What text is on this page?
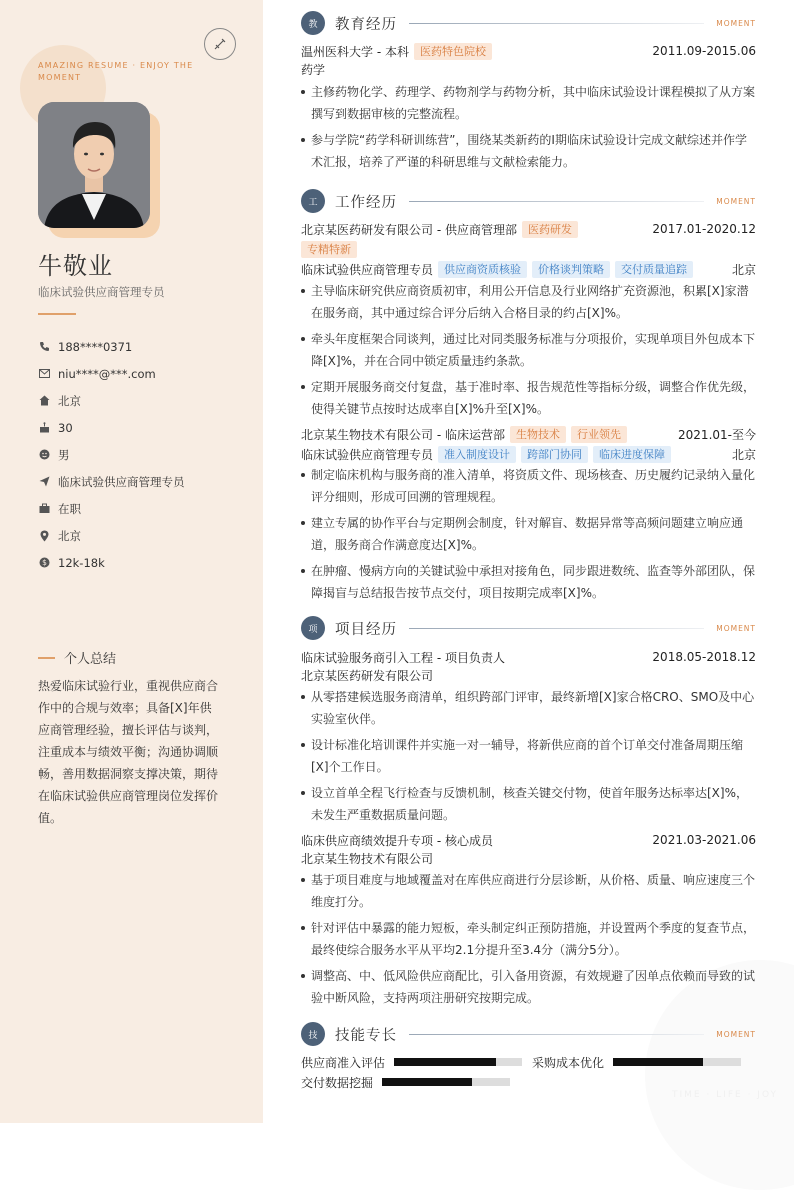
AMAZING RESUME · ENJOY THE MOMENT
牛敬业
临床试验供应商管理专员
188****0371
niu****@***.com
北京
30
男
临床试验供应商管理专员
在职
北京
$ 12k-18k
个人总结
热爱临床试验行业，重视供应商合作中的合规与效率；具备[X]年供应商管理经验，擅长评估与谈判，注重成本与绩效平衡；沟通协调顺畅，善用数据洞察支撑决策，期待在临床试验供应商管理岗位发挥价值。
TIME · LIFE · JOY
教	教育经历	MOMENT
温州医科大学 - 本科	医药特色院校	2011.09-2015.06
药学
主修药物化学、药理学、药物剂学与药物分析，其中临床试验设计课程模拟了从方案撰写到数据审核的完整流程。
参与学院“药学科研训练营”，围绕某类新药的Ⅰ期临床试验设计完成文献综述并作学术汇报，培养了严谨的科研思维与文献检索能力。
工	工作经历	MOMENT
北京某医药研发有限公司 - 供应商管理部	医药研发	2017.01-2020.12
专精特新
临床试验供应商管理专员	供应商资质核验	价格谈判策略	交付质量追踪	北京
主导临床研究供应商资质初审，利用公开信息及行业网络扩充资源池，积累[X]家潜在服务商，其中通过综合评分后纳入合格目录的约占[X]%。
牵头年度框架合同谈判，通过比对同类服务标准与分项报价，实现单项目外包成本下降[X]%，并在合同中锁定质量违约条款。
定期开展服务商交付复盘，基于准时率、报告规范性等指标分级，调整合作优先级，使得关键节点按时达成率自[X]%升至[X]%。
北京某生物技术有限公司 - 临床运营部	生物技术	行业领先	2021.01-至今
临床试验供应商管理专员	准入制度设计	跨部门协同	临床进度保障	北京
制定临床机构与服务商的准入清单，将资质文件、现场核查、历史履约记录纳入量化评分细则，形成可回溯的管理规程。
建立专属的协作平台与定期例会制度，针对解盲、数据异常等高频问题建立响应通道，服务商合作满意度达[X]%。
在肿瘤、慢病方向的关键试验中承担对接角色，同步跟进数统、监查等外部团队，保障揭盲与总结报告按节点交付，项目按期完成率[X]%。
项	项目经历	MOMENT
临床试验服务商引入工程 - 项目负责人	2018.05-2018.12
北京某医药研发有限公司
从零搭建候选服务商清单，组织跨部门评审，最终新增[X]家合格CRO、SMO及中心实验室伙伴。
设计标准化培训课件并实施一对一辅导，将新供应商的首个订单交付准备周期压缩[X]个工作日。
设立首单全程飞行检查与反馈机制，核查关键交付物，使首年服务达标率达[X]%，未发生严重数据质量问题。
临床供应商绩效提升专项 - 核心成员	2021.03-2021.06
北京某生物技术有限公司
基于项目难度与地域覆盖对在库供应商进行分层诊断，从价格、质量、响应速度三个维度打分。
针对评估中暴露的能力短板，牵头制定纠正预防措施，并设置两个季度的复查节点，最终使综合服务水平从平均2.1分提升至3.4分（满分5分）。
调整高、中、低风险供应商配比，引入备用资源，有效规避了因单点依赖而导致的试验中断风险，支持两项注册研究按期完成。
技	技能专长	MOMENT
供应商准入评估	采购成本优化
交付数据挖掘
